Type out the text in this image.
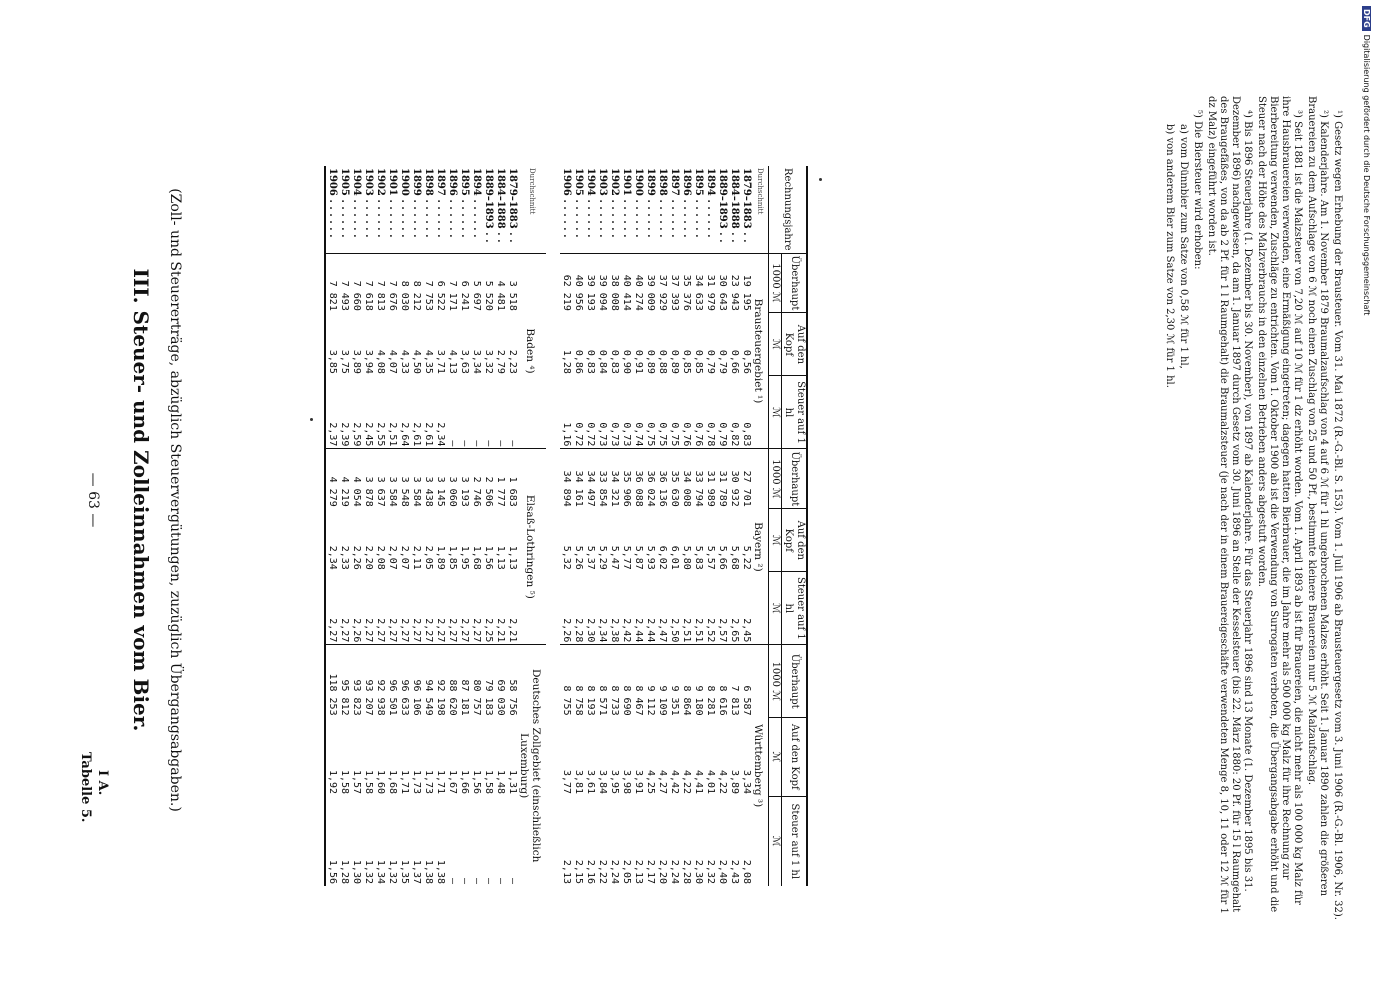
DFGDigitalisierung gefördert durch die Deutsche Forschungsgemeinschaft

¹) Gesetz wegen Erhebung der Brausteuer. Vom 31. Mai 1872 (R.-G.-Bl. S. 153). Vom 1. Juli 1906 ab Brausteuergesetz vom 3. Juni 1906 (R.-G.-Bl. 1906, Nr. 32).

²) Kalenderjahre. Am 1. November 1879 Braumalzaufschlag von 4 auf 6 ℳ für 1 hl ungebrochenen Malzes erhöht. Seit 1. Januar 1890 zahlen die größeren Brauereien zu dem Aufschlage von 6 ℳ noch einen Zuschlag von 25 und 50 Pf., bestimmte kleinere Brauereien nur 5 ℳ Malzaufschlag.

³) Seit 1881 ist die Malzsteuer von 7,20 ℳ auf 10 ℳ für 1 dz erhöht worden. Vom 1. April 1893 ab ist für Brauereien, die nicht mehr als 100 000 kg Malz für ihre Hausbrauereien verwenden, eine Ermäßigung eingetreten; dagegen hatten Bierbrauer, die im Jahre mehr als 500 000 kg Malz für ihre Rechnung zur Bierbereitung verwenden, Zuschläge zu entrichten. Vom 1. Oktober 1900 ab ist die Verwendung von Surrogaten verboten, die Übergangsabgabe erhöht und die Steuer nach der Höhe des Malzverbrauchs in den einzelnen Betrieben anders abgestuft worden.

⁴) Bis 1896 Steuerjahre (1. Dezember bis 30. November), von 1897 ab Kalenderjahre. Für das Steuerjahr 1896 sind 13 Monate (1. Dezember 1895 bis 31. Dezember 1896) nachgewiesen, da am 1. Januar 1897 durch Gesetz vom 30. Juni 1896 an Stelle der Kesselsteuer (bis 22. März 1880: 20 Pf. für 15 l Raumgehalt des Braugefäßes, von da ab 2 Pf. für 1 l Raumgehalt) die Braumalzsteuer (je nach der in einem Brauereigeschäfte verwendeten Menge 8, 10, 11 oder 12 ℳ für 1 dz Malz) eingeführt worden ist.

⁵) Die Biersteuer wird erhoben:

a) vom Dünnbier zum Satze von 0,58 ℳ für 1 hl,

b) von anderem Bier zum Satze von 2,30 ℳ für 1 hl.

Rechnungsjahre	Überhaupt	Auf den Kopf	Steuer auf 1 hl	Überhaupt	Auf den Kopf	Steuer auf 1 hl	Überhaupt	Auf den Kopf	Steuer auf 1 hl
	1000 ℳ	ℳ	ℳ	1000 ℳ	ℳ	ℳ	1000 ℳ	ℳ	ℳ
Durchschnitt	Brausteuergebiet ¹)			Bayern ²)			Württemberg ³)		
1879–1883 . .	19 195	0,56	0,83	27 701	5,22	2,45	6 587	3,34	2,08
1884–1888 . .	23 943	0,66	0,82	30 932	5,68	2,65	7 813	3,89	2,43
1889–1893 . .	30 643	0,79	0,79	31 789	5,66	2,57	8 616	4,22	2,40
1894 . . . . . .	31 979	0,79	0,78	31 989	5,57	2,52	8 281	4,01	2,32
1895 . . . . . .	34 633	0,85	0,76	33 794	5,83	2,51	9 180	4,41	2,30
1896 . . . . . .	35 376	0,85	0,76	34 008	5,80	2,51	8 864	4,22	2,28
1897 . . . . . .	37 393	0,89	0,75	35 630	6,01	2,50	9 351	4,42	2,24
1898 . . . . . .	37 929	0,88	0,75	36 136	6,02	2,47	9 109	4,27	2,20
1899 . . . . . .	39 009	0,89	0,75	36 024	5,93	2,44	9 112	4,25	2,17
1900 . . . . . .	40 274	0,91	0,74	36 088	5,87	2,44	8 467	3,91	2,13
1901 . . . . . .	40 414	0,90	0,73	35 906	5,77	2,42	8 690	3,98	2,05
1902 . . . . . .	38 008	0,83	0,73	34 321	5,47	2,38	8 733	3,95	2,24
1903 . . . . . .	39 094	0,84	0,73	33 854	5,29	2,34	8 571	3,84	2,22
1904 . . . . . .	39 193	0,83	0,72	34 497	5,37	2,30	8 193	3,61	2,16
1905 . . . . . .	40 956	0,86	0,72	34 161	5,26	2,28	8 758	3,81	2,15
1906 . . . . . .	62 219	1,28	1,16	34 894	5,32	2,26	8 755	3,77	2,13

Durchschnitt	Baden ⁴)			Elsaß-Lothringen ⁵)			Deutsches Zollgebiet (einschließlich Luxemburg)		
1879–1883 . .	3 518	2,23	—	1 683	1,13	2,21	58 756	1,31	—
1884–1888 . .	4 481	2,79	—	1 777	1,13	2,21	69 030	1,48	—
1889–1893 . .	5 520	3,32	—	2 506	1,56	2,25	79 183	1,58	—
1894 . . . . . .	5 697	3,34	—	2 746	1,68	2,27	80 757	1,56	—
1895 . . . . . .	6 241	3,63	—	3 193	1,95	2,27	87 181	1,66	—
1896 . . . . . .	7 171	4,13	—	3 060	1,85	2,27	88 620	1,67	—
1897 . . . . . .	6 522	3,71	2,34	3 145	1,89	2,27	92 198	1,71	1,38
1898 . . . . . .	7 753	4,35	2,61	3 438	2,05	2,27	94 549	1,73	1,38
1899 . . . . . .	8 212	4,50	2,61	3 584	2,11	2,27	96 106	1,73	1,37
1900 . . . . . .	8 030	4,33	2,64	3 548	2,07	2,27	96 633	1,71	1,35
1901 . . . . . .	7 676	4,07	2,51	3 584	2,07	2,27	96 501	1,68	1,32
1902 . . . . . .	7 813	4,08	2,55	3 637	2,08	2,27	92 938	1,60	1,34
1903 . . . . . .	7 618	3,94	2,45	3 878	2,20	2,27	93 207	1,58	1,32
1904 . . . . . .	7 660	3,89	2,59	4 054	2,26	2,26	93 823	1,57	1,30
1905 . . . . . .	7 493	3,75	2,39	4 219	2,33	2,27	95 812	1,58	1,28
1906 . . . . . .	7 821	3,85	2,37	4 279	2,34	2,27	118 253	1,92	1,56
(Zoll- und Steuererträge, abzüglich Steuervergütungen, zuzüglich Übergangsabgaben.)
III. Steuer- und Zolleinnahmen vom Bier.
— 63 —
I A.
Tabelle 5.
